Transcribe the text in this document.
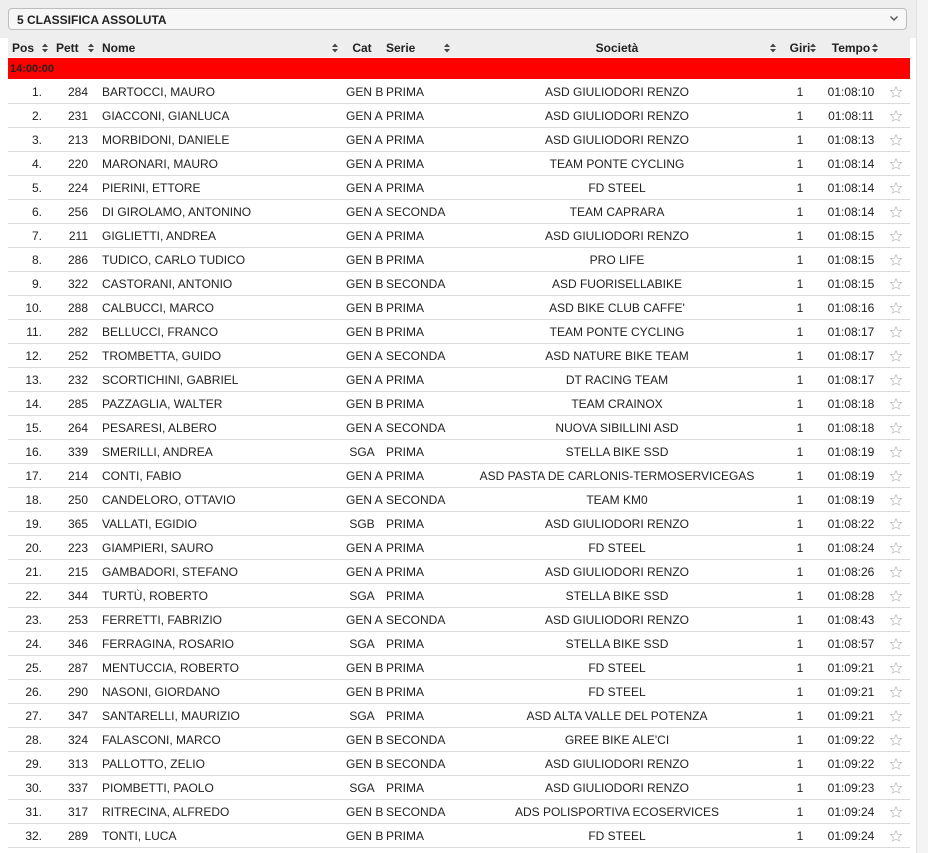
5 CLASSIFICA ASSOLUTA
Pos	Pett	Nome	Cat	Serie	Società	Giri	Tempo

14:00:00								
1.	284	BARTOCCI, MAURO	GEN B	PRIMA	ASD GIULIODORI RENZO	1	01:08:10	
2.	231	GIACCONI, GIANLUCA	GEN A	PRIMA	ASD GIULIODORI RENZO	1	01:08:11	
3.	213	MORBIDONI, DANIELE	GEN A	PRIMA	ASD GIULIODORI RENZO	1	01:08:13	
4.	220	MARONARI, MAURO	GEN A	PRIMA	TEAM PONTE CYCLING	1	01:08:14	
5.	224	PIERINI, ETTORE	GEN A	PRIMA	FD STEEL	1	01:08:14	
6.	256	DI GIROLAMO, ANTONINO	GEN A	SECONDA	TEAM CAPRARA	1	01:08:14	
7.	211	GIGLIETTI, ANDREA	GEN A	PRIMA	ASD GIULIODORI RENZO	1	01:08:15	
8.	286	TUDICO, CARLO TUDICO	GEN B	PRIMA	PRO LIFE	1	01:08:15	
9.	322	CASTORANI, ANTONIO	GEN B	SECONDA	ASD FUORISELLABIKE	1	01:08:15	
10.	288	CALBUCCI, MARCO	GEN B	PRIMA	ASD BIKE CLUB CAFFE'	1	01:08:16	
11.	282	BELLUCCI, FRANCO	GEN B	PRIMA	TEAM PONTE CYCLING	1	01:08:17	
12.	252	TROMBETTA, GUIDO	GEN A	SECONDA	ASD NATURE BIKE TEAM	1	01:08:17	
13.	232	SCORTICHINI, GABRIEL	GEN A	PRIMA	DT RACING TEAM	1	01:08:17	
14.	285	PAZZAGLIA, WALTER	GEN B	PRIMA	TEAM CRAINOX	1	01:08:18	
15.	264	PESARESI, ALBERO	GEN A	SECONDA	NUOVA SIBILLINI ASD	1	01:08:18	
16.	339	SMERILLI, ANDREA	SGA	PRIMA	STELLA BIKE SSD	1	01:08:19	
17.	214	CONTI, FABIO	GEN A	PRIMA	ASD PASTA DE CARLONIS-TERMOSERVICEGAS	1	01:08:19	
18.	250	CANDELORO, OTTAVIO	GEN A	SECONDA	TEAM KM0	1	01:08:19	
19.	365	VALLATI, EGIDIO	SGB	PRIMA	ASD GIULIODORI RENZO	1	01:08:22	
20.	223	GIAMPIERI, SAURO	GEN A	PRIMA	FD STEEL	1	01:08:24	
21.	215	GAMBADORI, STEFANO	GEN A	PRIMA	ASD GIULIODORI RENZO	1	01:08:26	
22.	344	TURTÙ, ROBERTO	SGA	PRIMA	STELLA BIKE SSD	1	01:08:28	
23.	253	FERRETTI, FABRIZIO	GEN A	SECONDA	ASD GIULIODORI RENZO	1	01:08:43	
24.	346	FERRAGINA, ROSARIO	SGA	PRIMA	STELLA BIKE SSD	1	01:08:57	
25.	287	MENTUCCIA, ROBERTO	GEN B	PRIMA	FD STEEL	1	01:09:21	
26.	290	NASONI, GIORDANO	GEN B	PRIMA	FD STEEL	1	01:09:21	
27.	347	SANTARELLI, MAURIZIO	SGA	PRIMA	ASD ALTA VALLE DEL POTENZA	1	01:09:21	
28.	324	FALASCONI, MARCO	GEN B	SECONDA	GREE BIKE ALE'CI	1	01:09:22	
29.	313	PALLOTTO, ZELIO	GEN B	SECONDA	ASD GIULIODORI RENZO	1	01:09:22	
30.	337	PIOMBETTI, PAOLO	SGA	PRIMA	ASD GIULIODORI RENZO	1	01:09:23	
31.	317	RITRECINA, ALFREDO	GEN B	SECONDA	ADS POLISPORTIVA ECOSERVICES	1	01:09:24	
32.	289	TONTI, LUCA	GEN B	PRIMA	FD STEEL	1	01:09:24	
